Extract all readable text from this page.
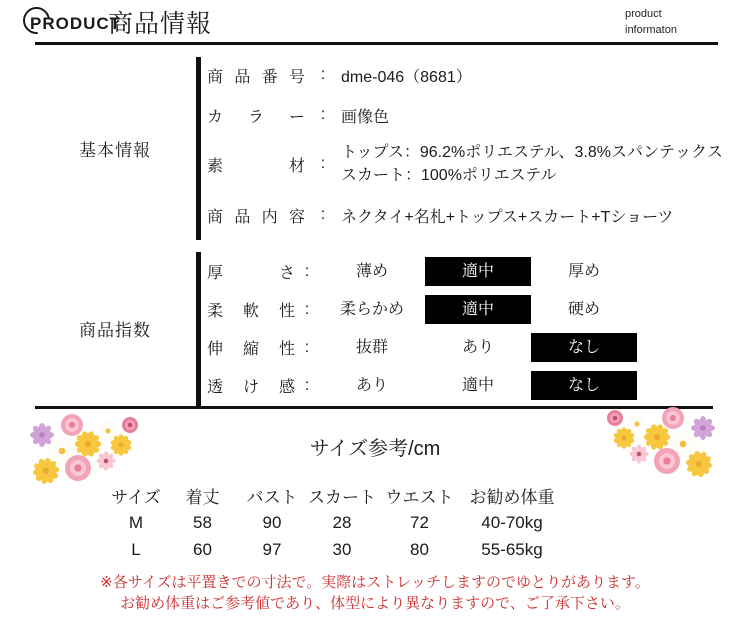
PRODUCT
商品情報	product
informaton
基本情報
商品指数
商品番号 : dme-046（8681）
カラー : 画像色
素材 :
トップス：96.2%ポリエステル、3.8%スパンテックス
スカート：100%ポリエステル
商品内容 : ネクタイ+名札+トップス+スカート+Tショーツ
厚さ :	薄め	適中	厚め
柔軟性 :	柔らかめ	適中	硬め
伸縮性 :	抜群	あり	なし
透け感 :	あり	適中	なし
サイズ参考/cm
サイズ	着丈	バスト	スカート	ウエスト	お勧め体重
M	58	90	28	72	40-70kg
L	60	97	30	80	55-65kg
※各サイズは平置きでの寸法で。実際はストレッチしますのでゆとりがあります。
お勧め体重はご参考値であり、体型により異なりますので、ご了承下さい。
